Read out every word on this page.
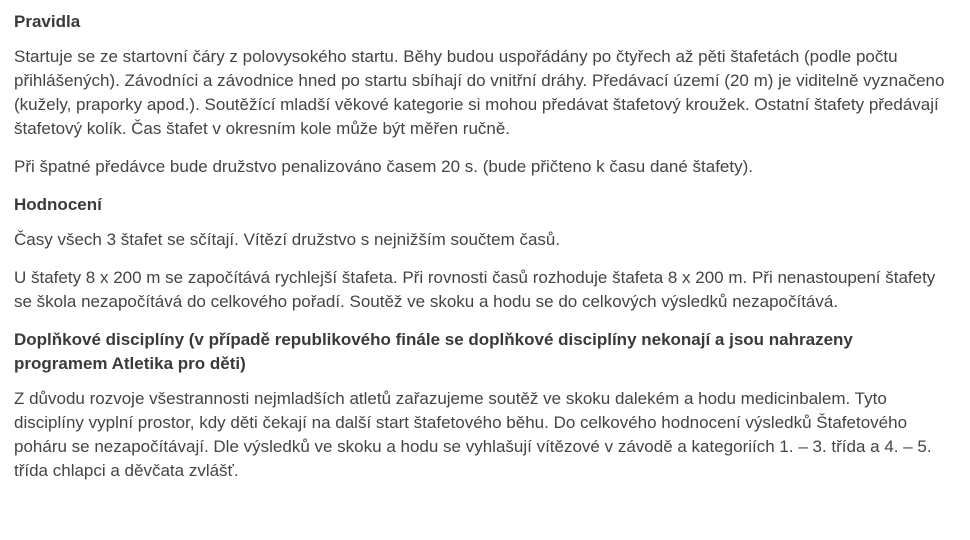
Pravidla

Startuje se ze startovní čáry z polovysokého startu. Běhy budou uspořádány po čtyřech až pěti štafetách (podle počtu přihlášených). Závodníci a závodnice hned po startu sbíhají do vnitřní dráhy. Předávací území (20 m) je viditelně vyznačeno (kužely, praporky apod.). Soutěžící mladší věkové kategorie si mohou předávat štafetový kroužek. Ostatní štafety předávají štafetový kolík. Čas štafet v okresním kole může být měřen ručně.

Při špatné předávce bude družstvo penalizováno časem 20 s. (bude přičteno k času dané štafety).

Hodnocení

Časy všech 3 štafet se sčítají. Vítězí družstvo s nejnižším součtem časů.

U štafety 8 x 200 m se započítává rychlejší štafeta. Při rovnosti časů rozhoduje štafeta 8 x 200 m. Při nenastoupení štafety se škola nezapočítává do celkového pořadí. Soutěž ve skoku a hodu se do celkových výsledků nezapočítává.

Doplňkové disciplíny (v případě republikového finále se doplňkové disciplíny nekonají a jsou nahrazeny programem Atletika pro děti)

Z důvodu rozvoje všestrannosti nejmladších atletů zařazujeme soutěž ve skoku dalekém a hodu medicinbalem. Tyto disciplíny vyplní prostor, kdy děti čekají na další start štafetového běhu. Do celkového hodnocení výsledků Štafetového poháru se nezapočítávají. Dle výsledků ve skoku a hodu se vyhlašují vítězové v závodě a kategoriích 1. – 3. třída a 4. – 5. třída chlapci a děvčata zvlášť.
